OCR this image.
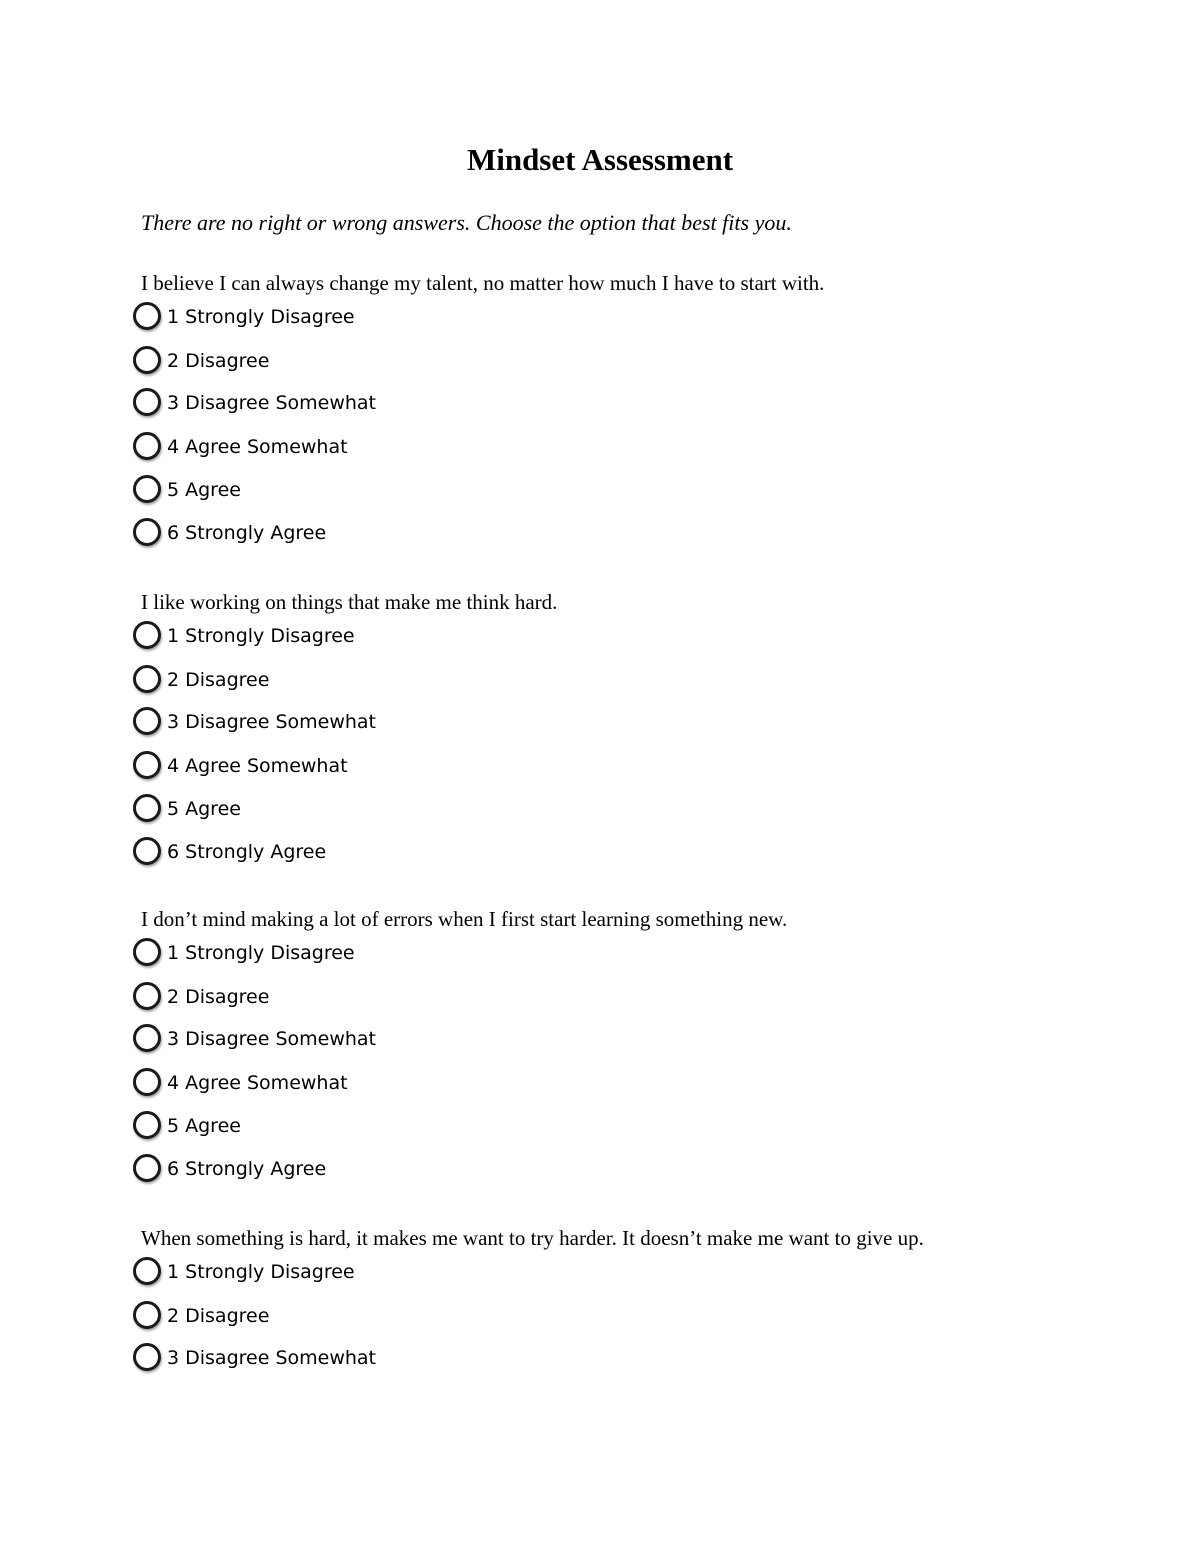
Mindset Assessment

There are no right or wrong answers. Choose the option that best fits you.

I believe I can always change my talent, no matter how much I have to start with.

1 Strongly Disagree
2 Disagree
3 Disagree Somewhat
4 Agree Somewhat
5 Agree
6 Strongly Agree

I like working on things that make me think hard.

1 Strongly Disagree
2 Disagree
3 Disagree Somewhat
4 Agree Somewhat
5 Agree
6 Strongly Agree

I don’t mind making a lot of errors when I first start learning something new.

1 Strongly Disagree
2 Disagree
3 Disagree Somewhat
4 Agree Somewhat
5 Agree
6 Strongly Agree

When something is hard, it makes me want to try harder. It doesn’t make me want to give up.

1 Strongly Disagree
2 Disagree
3 Disagree Somewhat
